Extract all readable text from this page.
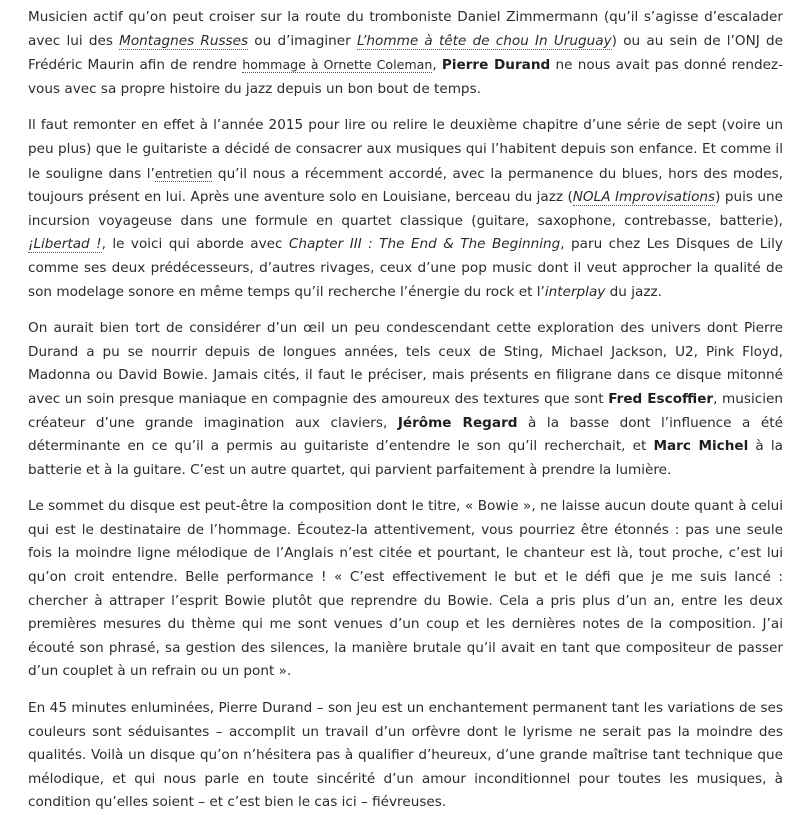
Musicien actif qu’on peut croiser sur la route du tromboniste Daniel Zimmermann (qu’il s’agisse d’escalader avec lui des Montagnes Russes ou d’imaginer L’homme à tête de chou In Uruguay) ou au sein de l’ONJ de Frédéric Maurin afin de rendre hommage à Ornette Coleman, Pierre Durand ne nous avait pas donné rendez-vous avec sa propre histoire du jazz depuis un bon bout de temps.

Il faut remonter en effet à l’année 2015 pour lire ou relire le deuxième chapitre d’une série de sept (voire un peu plus) que le guitariste a décidé de consacrer aux musiques qui l’habitent depuis son enfance. Et comme il le souligne dans l’entretien qu’il nous a récemment accordé, avec la permanence du blues, hors des modes, toujours présent en lui. Après une aventure solo en Louisiane, berceau du jazz (NOLA Improvisations) puis une incursion voyageuse dans une formule en quartet classique (guitare, saxophone, contrebasse, batterie), ¡Libertad !, le voici qui aborde avec Chapter III : The End & The Beginning, paru chez Les Disques de Lily comme ses deux prédécesseurs, d’autres rivages, ceux d’une pop music dont il veut approcher la qualité de son modelage sonore en même temps qu’il recherche l’énergie du rock et l’interplay du jazz.

On aurait bien tort de considérer d’un œil un peu condescendant cette exploration des univers dont Pierre Durand a pu se nourrir depuis de longues années, tels ceux de Sting, Michael Jackson, U2, Pink Floyd, Madonna ou David Bowie. Jamais cités, il faut le préciser, mais présents en filigrane dans ce disque mitonné avec un soin presque maniaque en compagnie des amoureux des textures que sont Fred Escoffier, musicien créateur d’une grande imagination aux claviers, Jérôme Regard à la basse dont l’influence a été déterminante en ce qu’il a permis au guitariste d’entendre le son qu’il recherchait, et Marc Michel à la batterie et à la guitare. C’est un autre quartet, qui parvient parfaitement à prendre la lumière.

Le sommet du disque est peut-être la composition dont le titre, « Bowie », ne laisse aucun doute quant à celui qui est le destinataire de l’hommage. Écoutez-la attentivement, vous pourriez être étonnés : pas une seule fois la moindre ligne mélodique de l’Anglais n’est citée et pourtant, le chanteur est là, tout proche, c’est lui qu’on croit entendre. Belle performance ! « C’est effectivement le but et le défi que je me suis lancé : chercher à attraper l’esprit Bowie plutôt que reprendre du Bowie. Cela a pris plus d’un an, entre les deux premières mesures du thème qui me sont venues d’un coup et les dernières notes de la composition. J’ai écouté son phrasé, sa gestion des silences, la manière brutale qu’il avait en tant que compositeur de passer d’un couplet à un refrain ou un pont ».

En 45 minutes enluminées, Pierre Durand – son jeu est un enchantement permanent tant les variations de ses couleurs sont séduisantes – accomplit un travail d’un orfèvre dont le lyrisme ne serait pas la moindre des qualités. Voilà un disque qu’on n’hésitera pas à qualifier d’heureux, d’une grande maîtrise tant technique que mélodique, et qui nous parle en toute sincérité d’un amour inconditionnel pour toutes les musiques, à condition qu’elles soient – et c’est bien le cas ici – fiévreuses.
